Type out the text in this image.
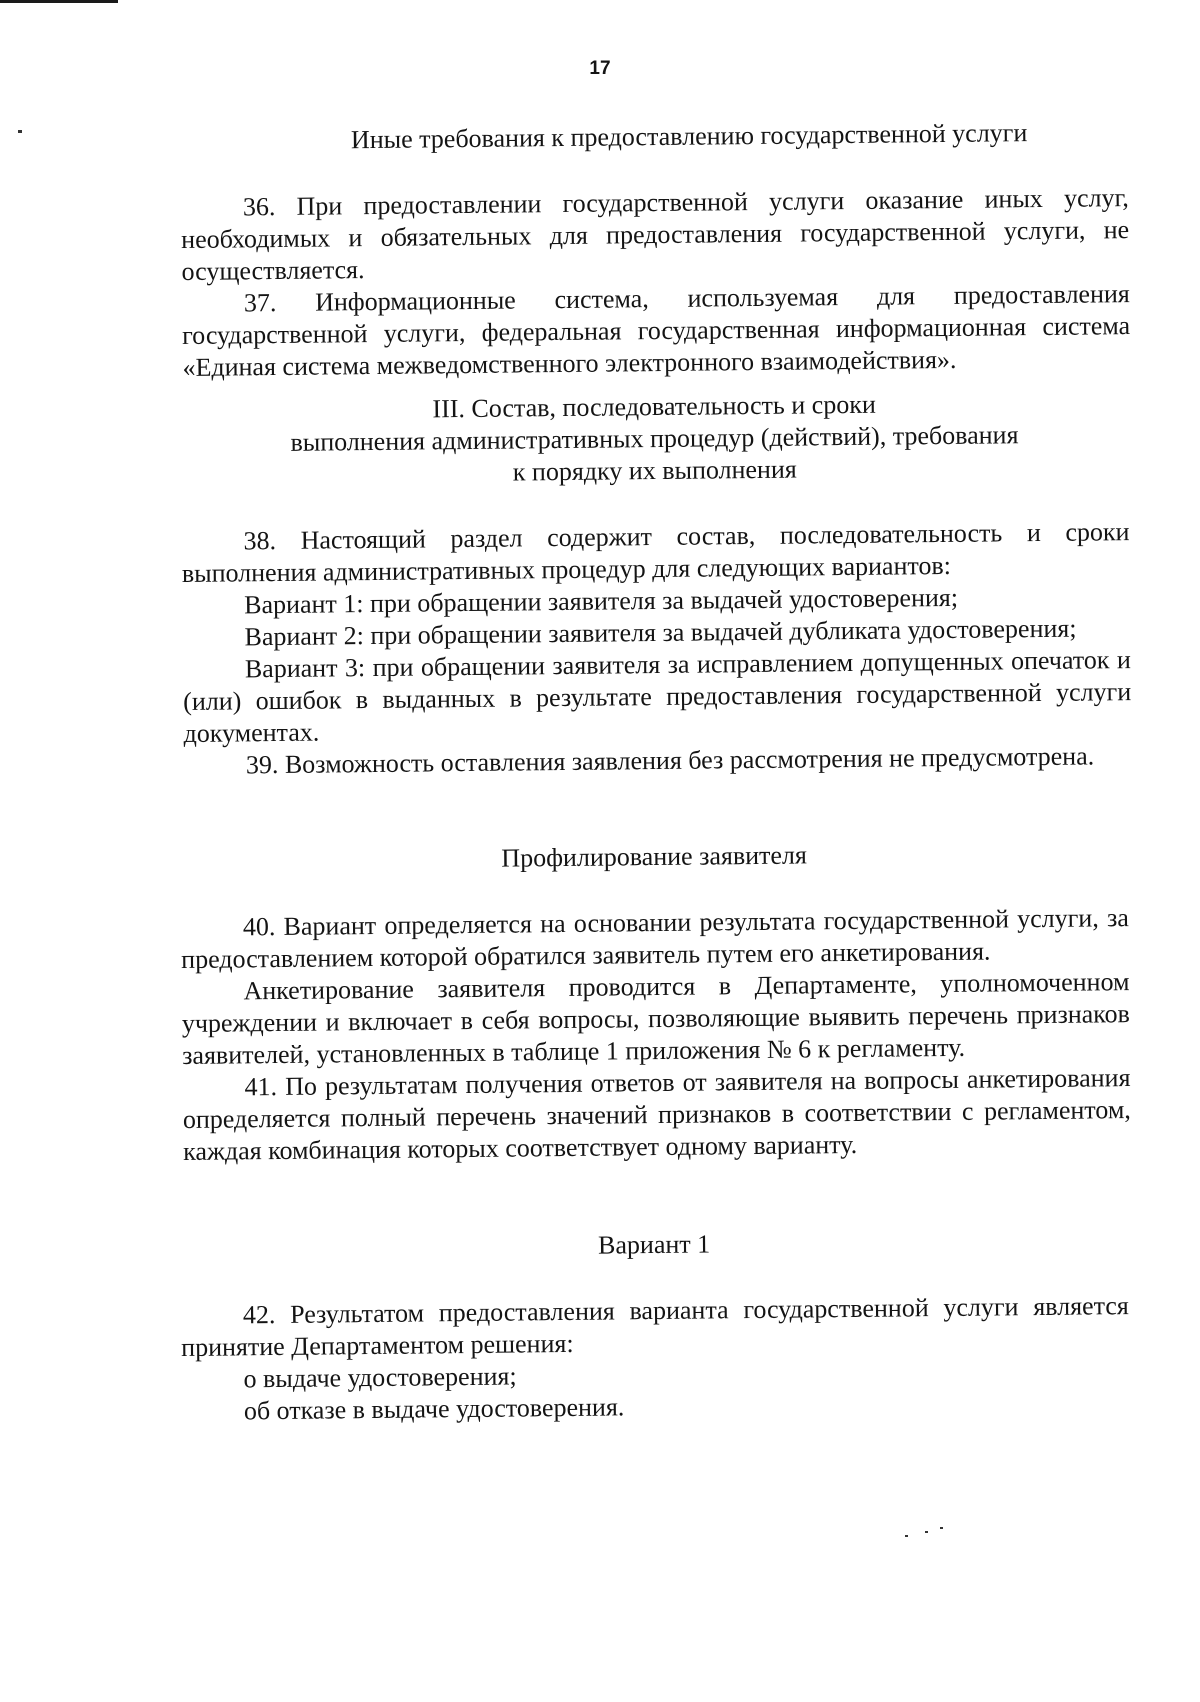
17

Иные требования к предоставлению государственной услуги

36. При предоставлении государственной услуги оказание иных услуг, необходимых и обязательных для предоставления государственной услуги, не осуществляется.

37. Информационные система, используемая для предоставления государственной услуги, федеральная государственная информационная система «Единая система межведомственного электронного взаимодействия».

III. Состав, последовательность и сроки

выполнения административных процедур (действий), требования

к порядку их выполнения

38. Настоящий раздел содержит состав, последовательность и сроки выполнения административных процедур для следующих вариантов:

Вариант 1: при обращении заявителя за выдачей удостоверения;

Вариант 2: при обращении заявителя за выдачей дубликата удостоверения;

Вариант 3: при обращении заявителя за исправлением допущенных опечаток и (или) ошибок в выданных в результате предоставления государственной услуги документах.

39. Возможность оставления заявления без рассмотрения не предусмотрена.

Профилирование заявителя

40. Вариант определяется на основании результата государственной услуги, за предоставлением которой обратился заявитель путем его анкетирования.

Анкетирование заявителя проводится в Департаменте, уполномоченном учреждении и включает в себя вопросы, позволяющие выявить перечень признаков заявителей, установленных в таблице 1 приложения № 6 к регламенту.

41. По результатам получения ответов от заявителя на вопросы анкетирования определяется полный перечень значений признаков в соответствии с регламентом, каждая комбинация которых соответствует одному варианту.

Вариант 1

42. Результатом предоставления варианта государственной услуги является принятие Департаментом решения:

о выдаче удостоверения;

об отказе в выдаче удостоверения.
